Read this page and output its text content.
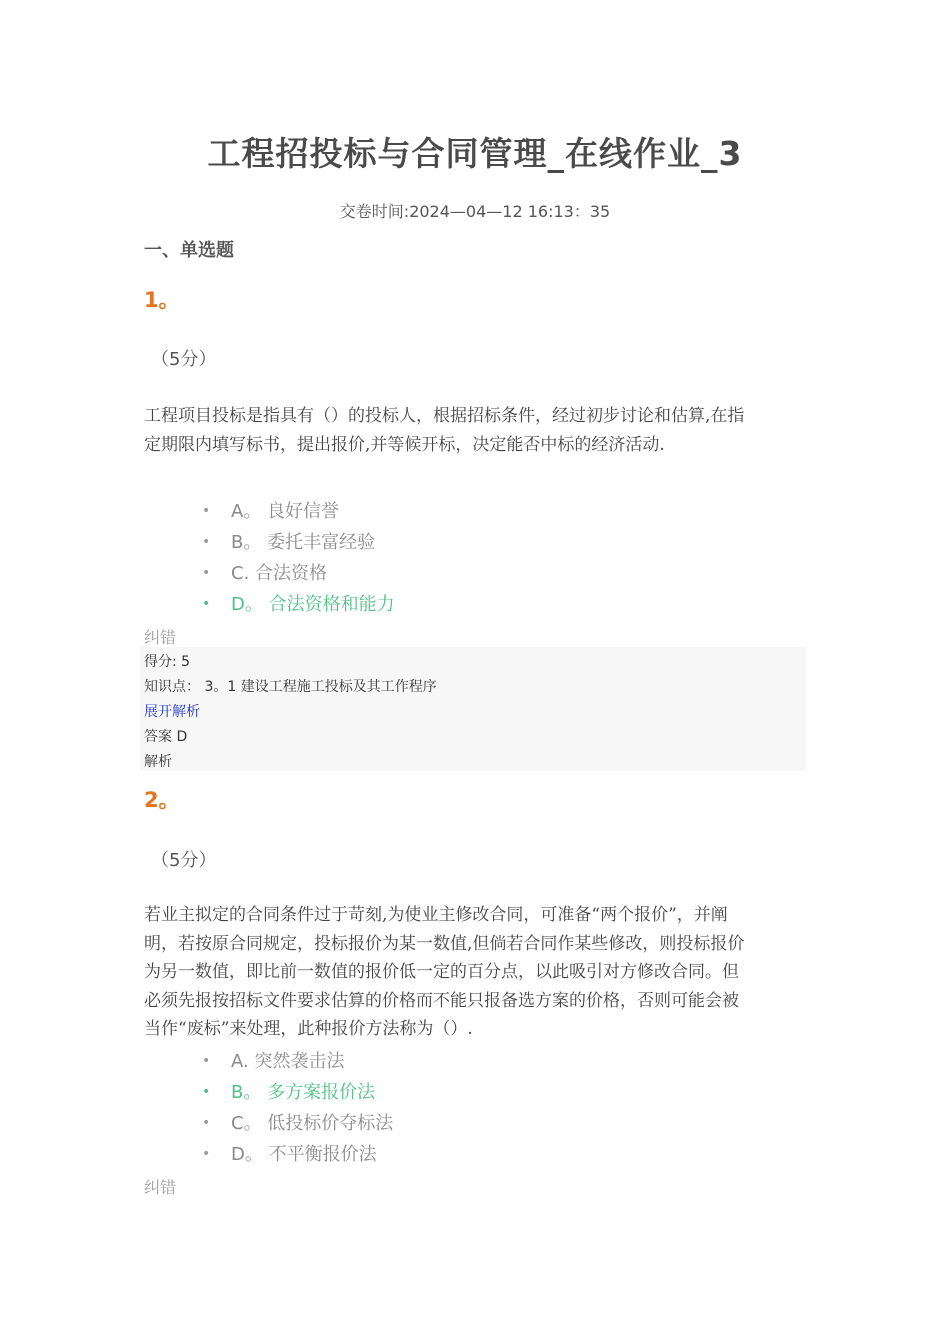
工程招投标与合同管理_在线作业_3
交卷时间:2024—04—12 16:13：35
一、单选题
1。
（5分）
工程项目投标是指具有（）的投标人，根据招标条件，经过初步讨论和估算,在指定期限内填写标书，提出报价,并等候开标，决定能否中标的经济活动.
• A。 良好信誉
• B。 委托丰富经验
• C. 合法资格
• D。 合法资格和能力
纠错
得分: 5
知识点： 3。1 建设工程施工投标及其工作程序
展开解析
答案 D
解析
2。
（5分）
若业主拟定的合同条件过于苛刻,为使业主修改合同，可准备“两个报价”，并阐明，若按原合同规定，投标报价为某一数值,但倘若合同作某些修改，则投标报价为另一数值，即比前一数值的报价低一定的百分点，以此吸引对方修改合同。但必须先报按招标文件要求估算的价格而不能只报备选方案的价格，否则可能会被当作“废标”来处理，此种报价方法称为（）.
• A. 突然袭击法
• B。 多方案报价法
• C。 低投标价夺标法
• D。 不平衡报价法
纠错
